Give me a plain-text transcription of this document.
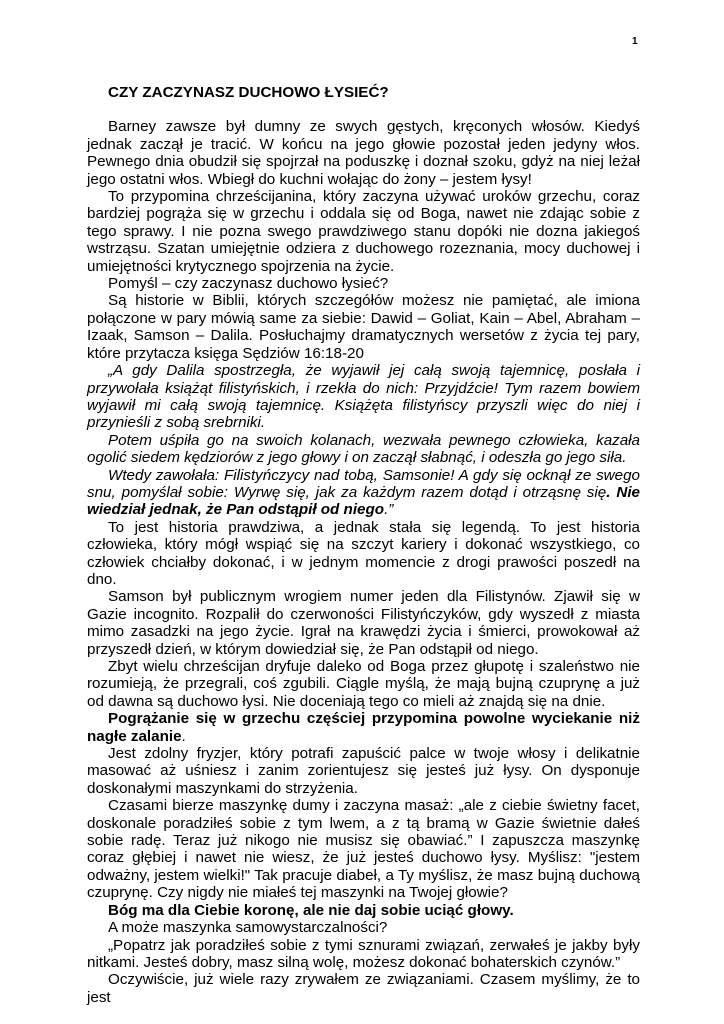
1
CZY ZACZYNASZ DUCHOWO ŁYSIEĆ?

Barney zawsze był dumny ze swych gęstych, kręconych włosów. Kiedyś jednak zaczął je tracić. W końcu na jego głowie pozostał jeden jedyny włos. Pewnego dnia obudził się spojrzał na poduszkę i doznał szoku, gdyż na niej leżał jego ostatni włos. Wbiegł do kuchni wołając do żony – jestem łysy!

To przypomina chrześcijanina, który zaczyna używać uroków grzechu, coraz bardziej pogrąża się w grzechu i oddala się od Boga, nawet nie zdając sobie z tego sprawy. I nie pozna swego prawdziwego stanu dopóki nie dozna jakiegoś wstrząsu. Szatan umiejętnie odziera z duchowego rozeznania, mocy duchowej i umiejętności krytycznego spojrzenia na życie.

Pomyśl – czy zaczynasz duchowo łysieć?

Są historie w Biblii, których szczegółów możesz nie pamiętać, ale imiona połączone w pary mówią same za siebie: Dawid – Goliat, Kain – Abel, Abraham – Izaak, Samson – Dalila. Posłuchajmy dramatycznych wersetów z życia tej pary, które przytacza księga Sędziów 16:18-20

„A gdy Dalila spostrzegła, że wyjawił jej całą swoją tajemnicę, posłała i przywołała książąt filistyńskich, i rzekła do nich: Przyjdźcie! Tym razem bowiem wyjawił mi całą swoją tajemnicę. Książęta filistyńscy przyszli więc do niej i przynieśli z sobą srebrniki.

Potem uśpiła go na swoich kolanach, wezwała pewnego człowieka, kazała ogolić siedem kędziorów z jego głowy i on zaczął słabnąć, i odeszła go jego siła.

Wtedy zawołała: Filistyńczycy nad tobą, Samsonie! A gdy się ocknął ze swego snu, pomyślał sobie: Wyrwę się, jak za każdym razem dotąd i otrząsnę się. Nie wiedział jednak, że Pan odstąpił od niego.”

To jest historia prawdziwa, a jednak stała się legendą. To jest historia człowieka, który mógł wspiąć się na szczyt kariery i dokonać wszystkiego, co człowiek chciałby dokonać, i w jednym momencie z drogi prawości poszedł na dno.

Samson był publicznym wrogiem numer jeden dla Filistynów. Zjawił się w Gazie incognito. Rozpalił do czerwoności Filistyńczyków, gdy wyszedł z miasta mimo zasadzki na jego życie. Igrał na krawędzi życia i śmierci, prowokował aż przyszedł dzień, w którym dowiedział się, że Pan odstąpił od niego.

Zbyt wielu chrześcijan dryfuje daleko od Boga przez głupotę i szaleństwo nie rozumieją, że przegrali, coś zgubili. Ciągle myślą, że mają bujną czuprynę a już od dawna są duchowo łysi. Nie doceniają tego co mieli aż znajdą się na dnie.

Pogrążanie się w grzechu częściej przypomina powolne wyciekanie niż nagłe zalanie.

Jest zdolny fryzjer, który potrafi zapuścić palce w twoje włosy i delikatnie masować aż uśniesz i zanim zorientujesz się jesteś już łysy. On dysponuje doskonałymi maszynkami do strzyżenia.

Czasami bierze maszynkę dumy i zaczyna masaż: „ale z ciebie świetny facet, doskonale poradziłeś sobie z tym lwem, a z tą bramą w Gazie świetnie dałeś sobie radę. Teraz już nikogo nie musisz się obawiać.” I zapuszcza maszynkę coraz głębiej i nawet nie wiesz, że już jesteś duchowo łysy. Myślisz: "jestem odważny, jestem wielki!" Tak pracuje diabeł, a Ty myślisz, że masz bujną duchową czuprynę. Czy nigdy nie miałeś tej maszynki na Twojej głowie?

Bóg ma dla Ciebie koronę, ale nie daj sobie uciąć głowy.

A może maszynka samowystarczalności?

„Popatrz jak poradziłeś sobie z tymi sznurami związań, zerwałeś je jakby były nitkami. Jesteś dobry, masz silną wolę, możesz dokonać bohaterskich czynów.”

Oczywiście, już wiele razy zrywałem ze związaniami. Czasem myślimy, że to jest
